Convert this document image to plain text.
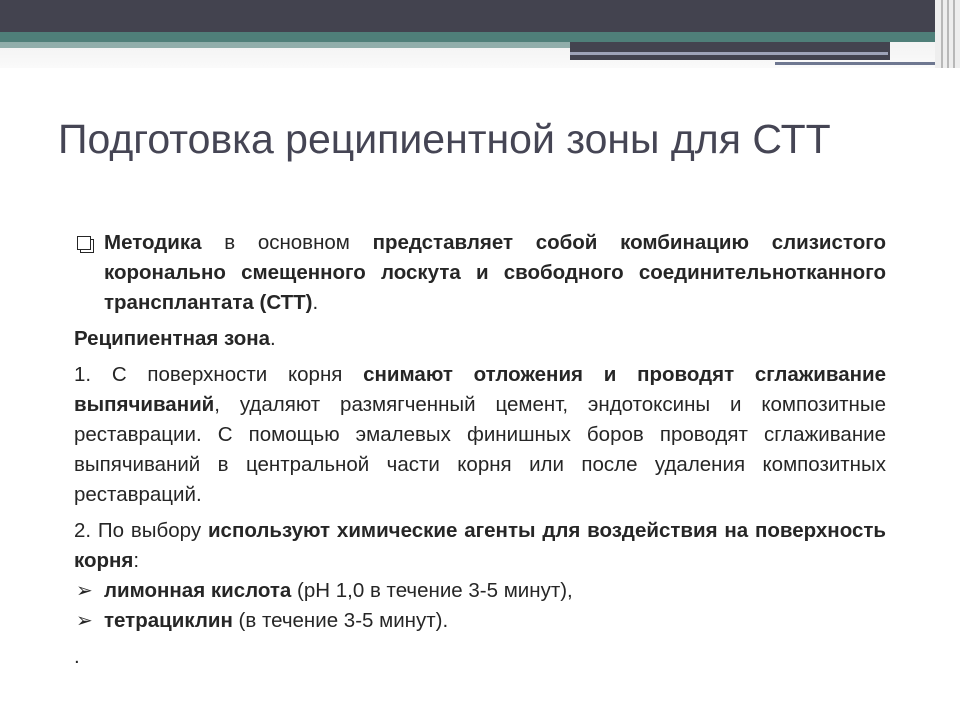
Подготовка реципиентной зоны для СТТ

Методика в основном представляет собой комбинацию слизистого коронально смещенного лоскута и свободного соединительнотканного трансплантата (СТТ).

Реципиентная зона.

1. С поверхности корня снимают отложения и проводят сглаживание выпячиваний, удаляют размягченный цемент, эндотоксины и композитные реставрации. С помощью эмалевых финишных боров проводят сглаживание выпячиваний в центральной части корня или после удаления композитных реставраций.

2. По выбору используют химические агенты для воздействия на поверхность корня:

➢ лимонная кислота (pH 1,0 в течение 3-5 минут),

➢ тетрациклин (в течение 3-5 минут).

.
